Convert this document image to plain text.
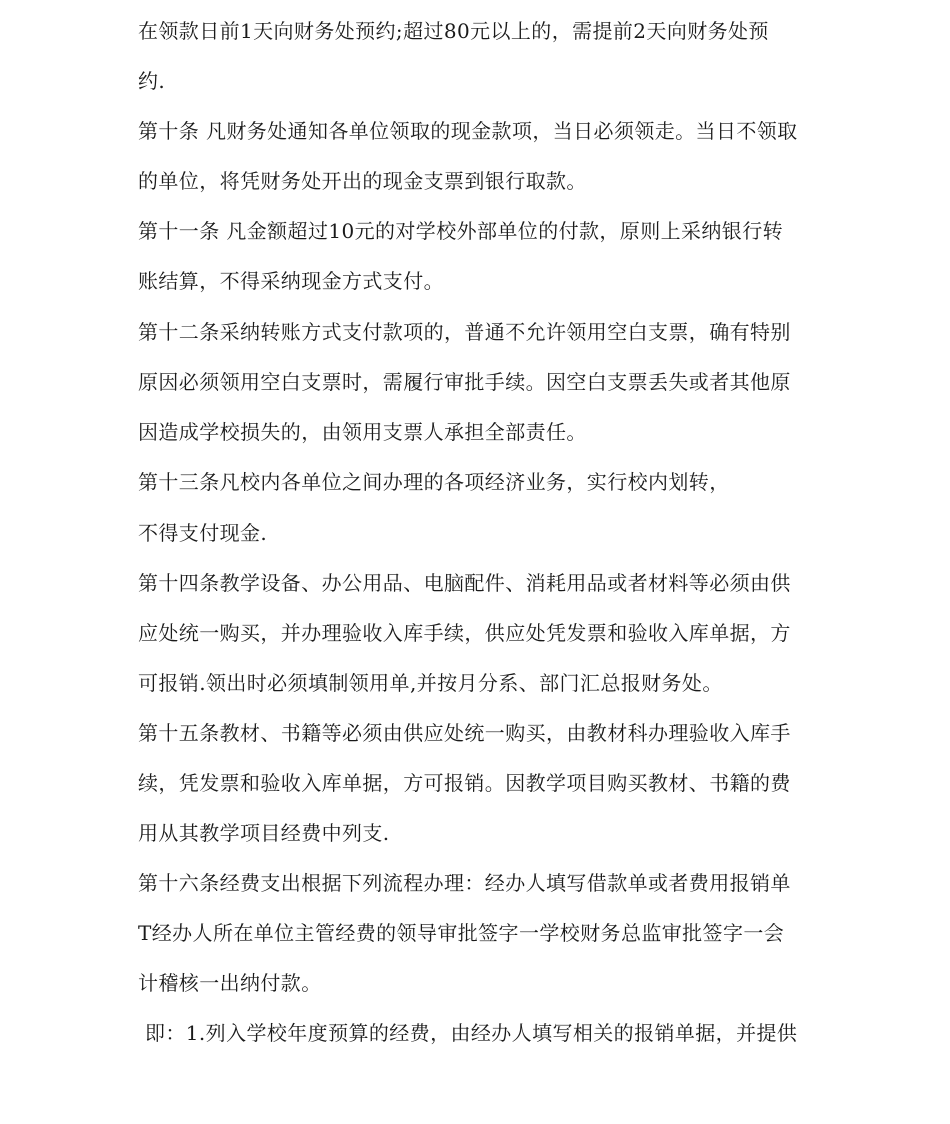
在领款日前1天向财务处预约;超过80元以上的，需提前2天向财务处预
约.
第十条 凡财务处通知各单位领取的现金款项，当日必须领走。当日不领取
的单位，将凭财务处开出的现金支票到银行取款。
第十一条 凡金额超过10元的对学校外部单位的付款，原则上采纳银行转
账结算，不得采纳现金方式支付。
第十二条采纳转账方式支付款项的，普通不允许领用空白支票，确有特别
原因必须领用空白支票时，需履行审批手续。因空白支票丢失或者其他原
因造成学校损失的，由领用支票人承担全部责任。
第十三条凡校内各单位之间办理的各项经济业务，实行校内划转，
不得支付现金.
第十四条教学设备、办公用品、电脑配件、消耗用品或者材料等必须由供
应处统一购买，并办理验收入库手续，供应处凭发票和验收入库单据，方
可报销.领出时必须填制领用单,并按月分系、部门汇总报财务处。
第十五条教材、书籍等必须由供应处统一购买，由教材科办理验收入库手
续，凭发票和验收入库单据，方可报销。因教学项目购买教材、书籍的费
用从其教学项目经费中列支.
第十六条经费支出根据下列流程办理：经办人填写借款单或者费用报销单
T经办人所在单位主管经费的领导审批签字一学校财务总监审批签字一会
计稽核一出纳付款。
即：1.列入学校年度预算的经费，由经办人填写相关的报销单据，并提供
